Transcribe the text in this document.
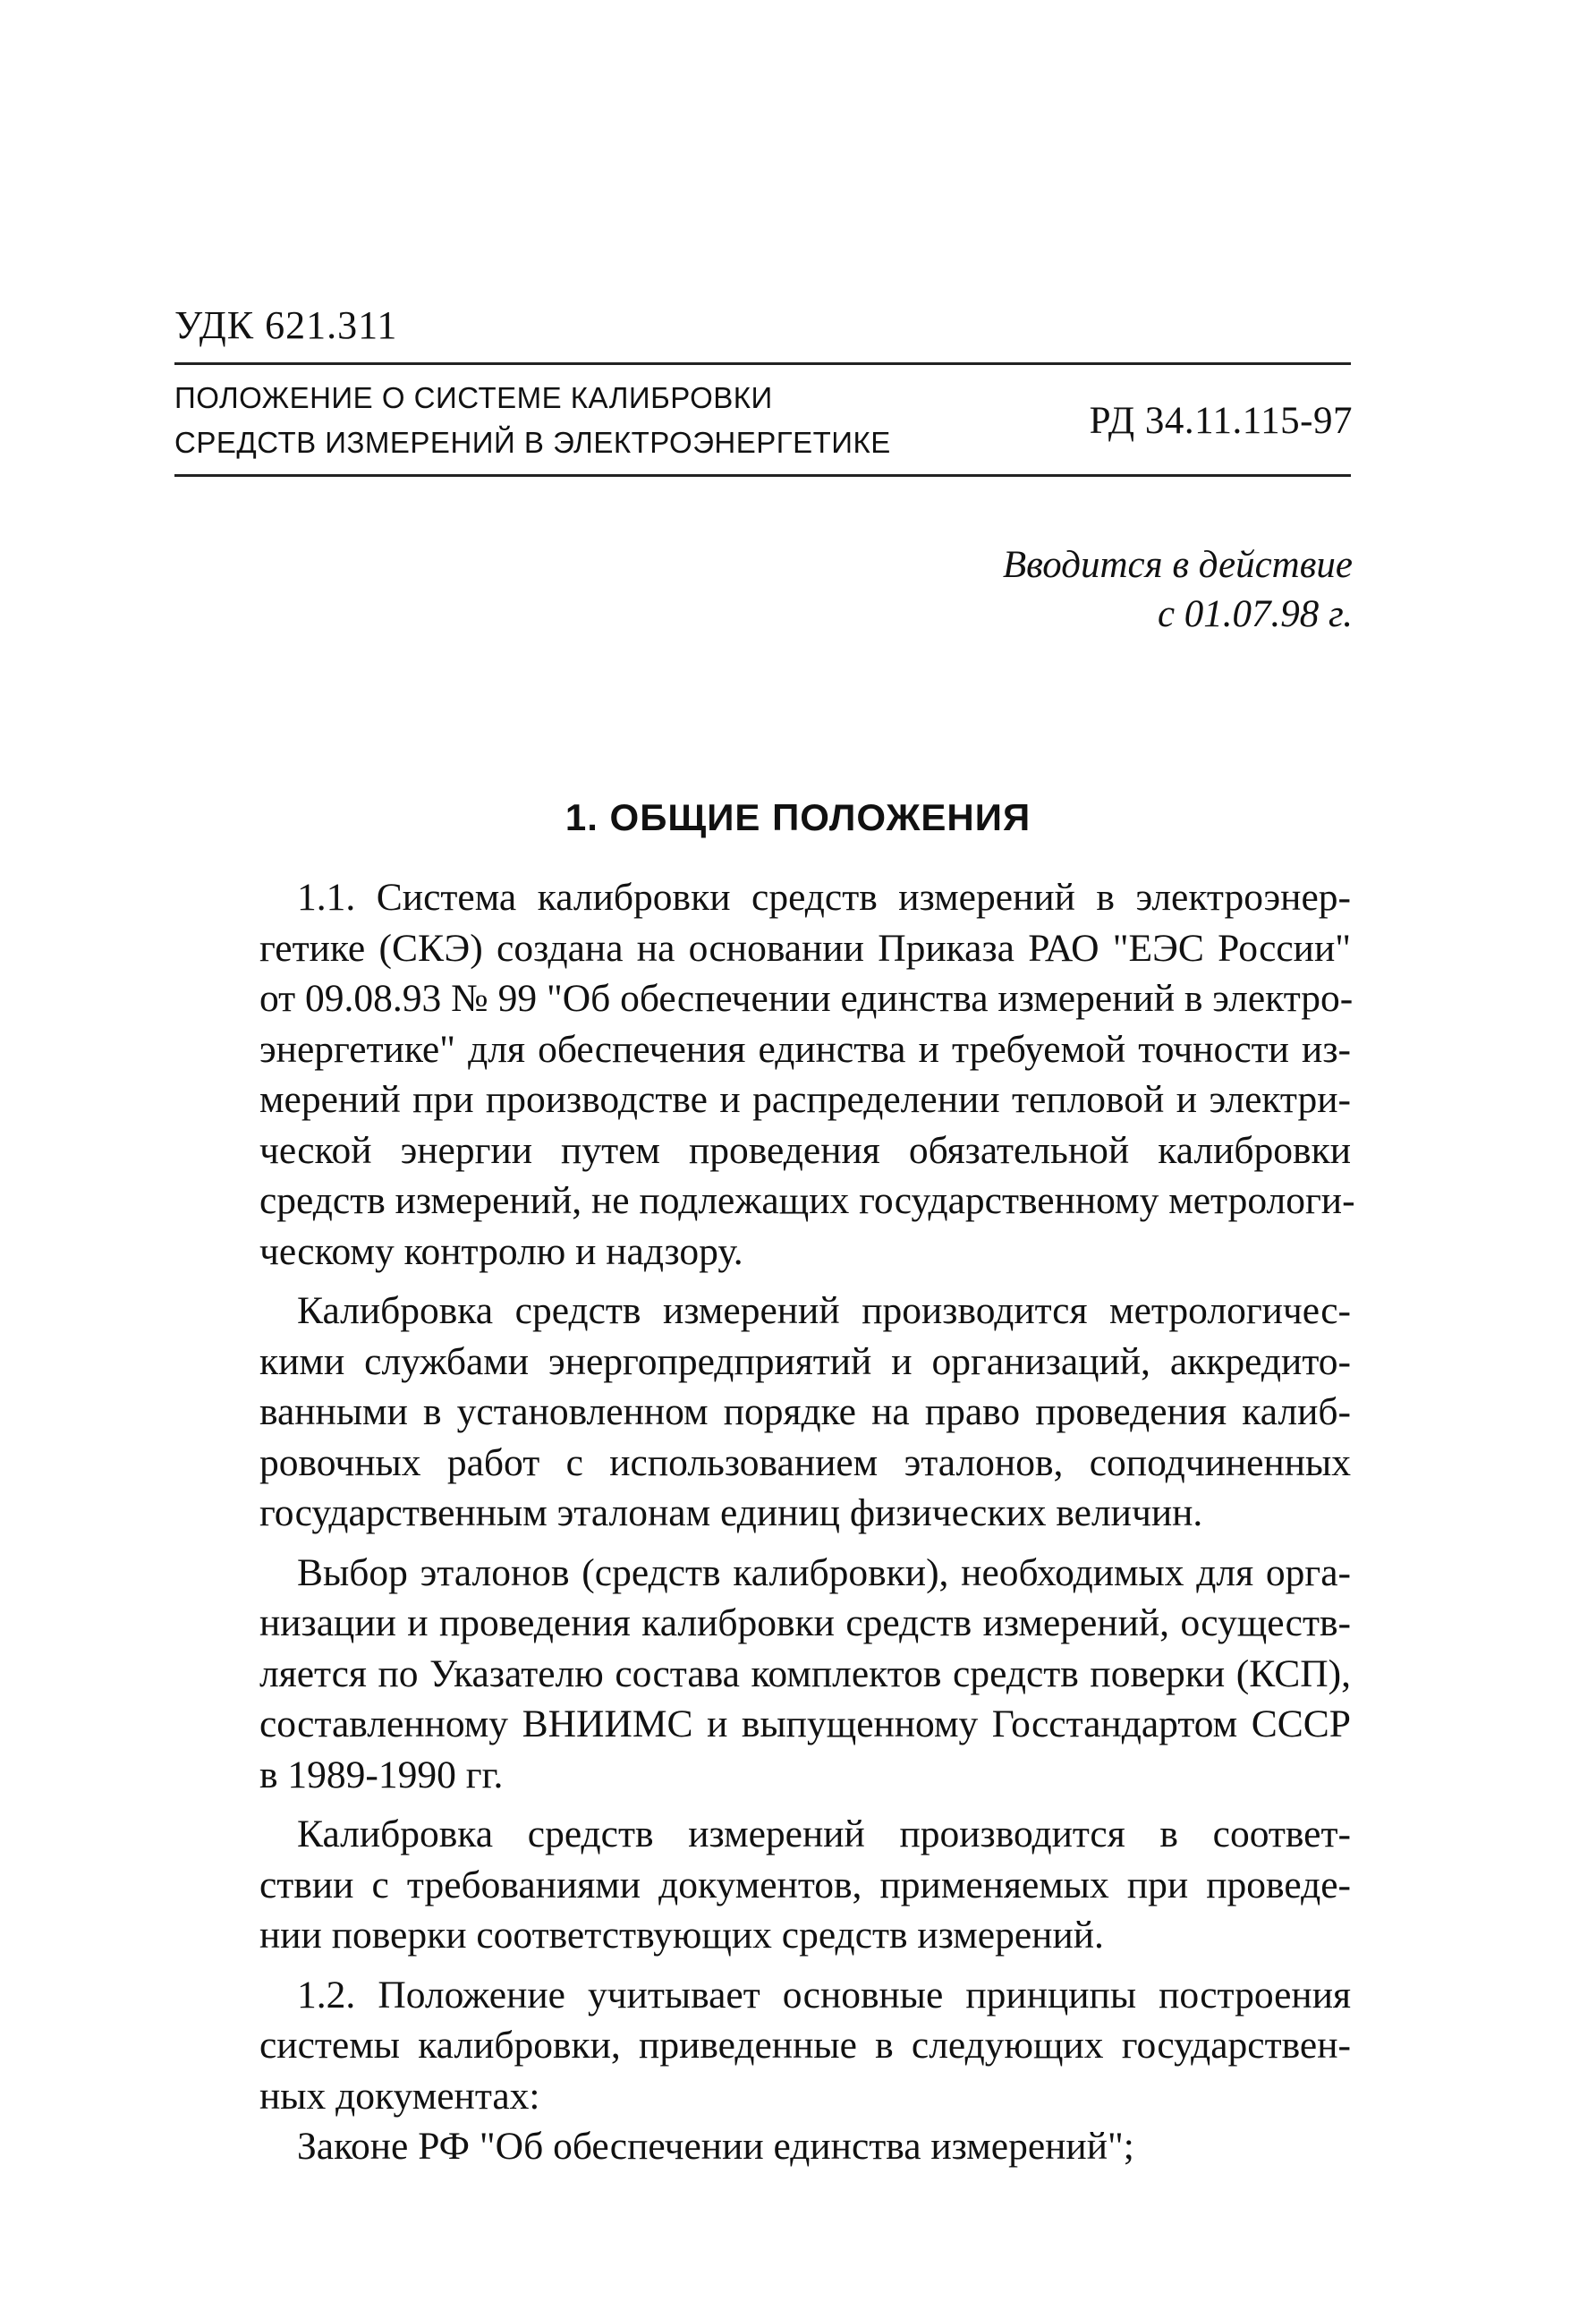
УДК 621.311
ПОЛОЖЕНИЕ О СИСТЕМЕ КАЛИБРОВКИ
СРЕДСТВ ИЗМЕРЕНИЙ В ЭЛЕКТРОЭНЕРГЕТИКЕ
РД 34.11.115-97
Вводится в действие
с 01.07.98 г.
1. ОБЩИЕ ПОЛОЖЕНИЯ
1.1. Система калибровки средств измерений в электроэнер-
гетике (СКЭ) создана на основании Приказа РАО "ЕЭС России"
от 09.08.93 № 99 "Об обеспечении единства измерений в электро-
энергетике" для обеспечения единства и требуемой точности из-
мерений при производстве и распределении тепловой и электри-
ческой энергии путем проведения обязательной калибровки
средств измерений, не подлежащих государственному метрологи-
ческому контролю и надзору.
Калибровка средств измерений производится метрологичес-
кими службами энергопредприятий и организаций, аккредито-
ванными в установленном порядке на право проведения калиб-
ровочных работ с использованием эталонов, соподчиненных
государственным эталонам единиц физических величин.
Выбор эталонов (средств калибровки), необходимых для орга-
низации и проведения калибровки средств измерений, осуществ-
ляется по Указателю состава комплектов средств поверки (КСП),
составленному ВНИИМС и выпущенному Госстандартом СССР
в 1989-1990 гг.
Калибровка средств измерений производится в соответ-
ствии с требованиями документов, применяемых при проведе-
нии поверки соответствующих средств измерений.
1.2. Положение учитывает основные принципы построения
системы калибровки, приведенные в следующих государствен-
ных документах:
Законе РФ "Об обеспечении единства измерений";
